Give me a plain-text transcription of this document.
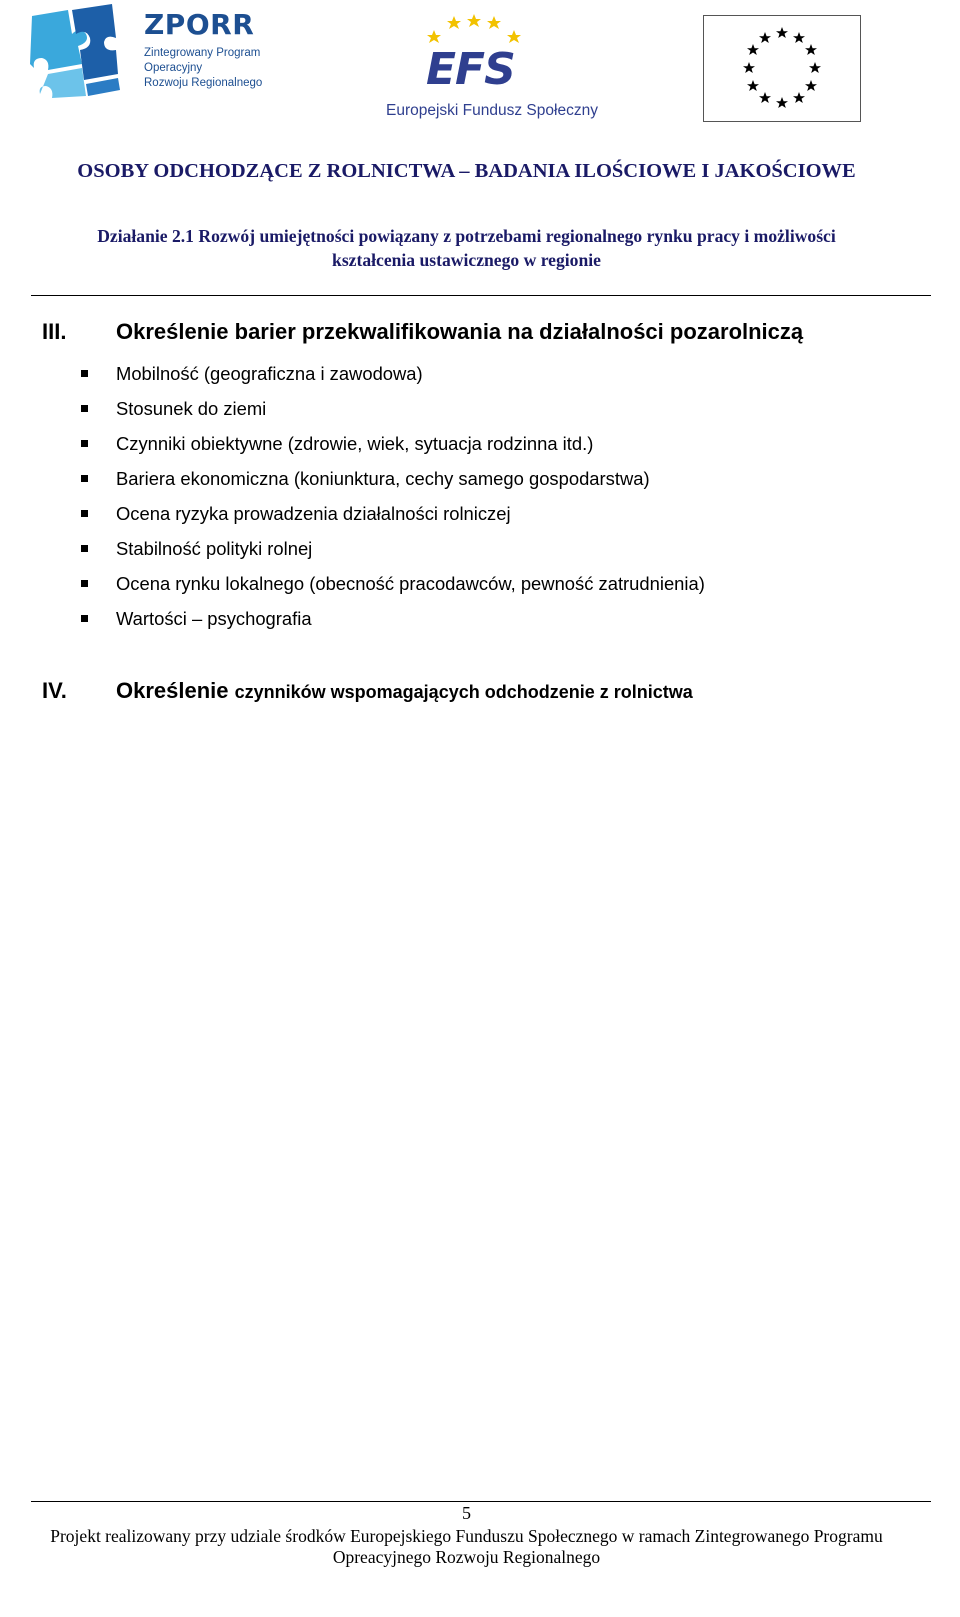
ZPORR
Zintegrowany Program
Operacyjny
Rozwoju Regionalnego	EFS
Europejski Fundusz Społeczny
OSOBY ODCHODZĄCE Z ROLNICTWA – BADANIA ILOŚCIOWE I JAKOŚCIOWE
Działanie 2.1 Rozwój umiejętności powiązany z potrzebami regionalnego rynku pracy i możliwości
kształcenia ustawicznego w regionie
III. Określenie barier przekwalifikowania na działalności pozarolniczą
Mobilność (geograficzna i zawodowa)
Stosunek do ziemi
Czynniki obiektywne (zdrowie, wiek, sytuacja rodzinna itd.)
Bariera ekonomiczna (koniunktura, cechy samego gospodarstwa)
Ocena ryzyka prowadzenia działalności rolniczej
Stabilność polityki rolnej
Ocena rynku lokalnego (obecność pracodawców, pewność zatrudnienia)
Wartości – psychografia
IV. Określenie czynników wspomagających odchodzenie z rolnictwa
5
Projekt realizowany przy udziale środków Europejskiego Funduszu Społecznego w ramach Zintegrowanego Programu
Opreacyjnego Rozwoju Regionalnego
